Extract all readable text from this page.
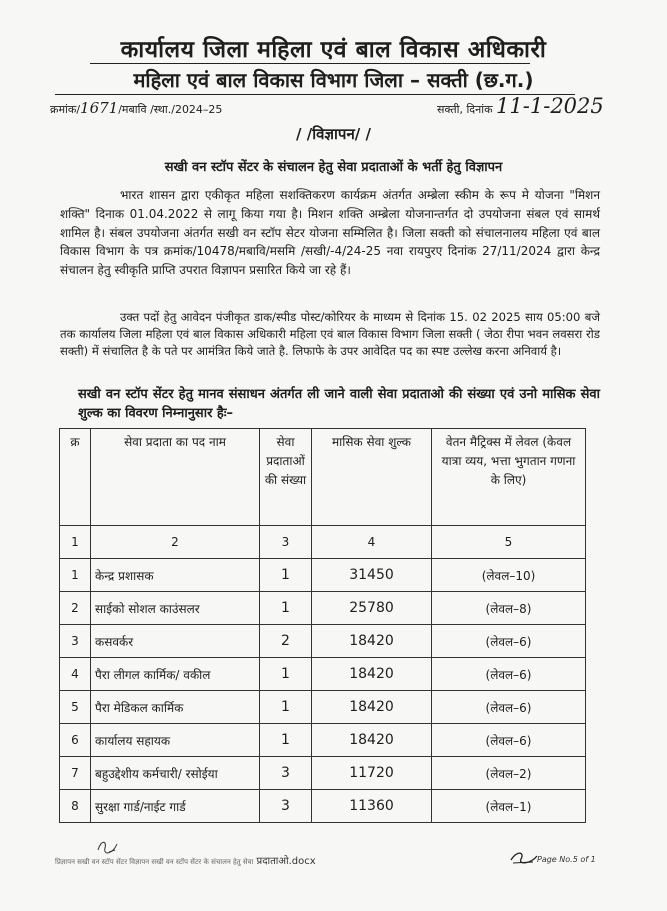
कार्यालय जिला महिला एवं बाल विकास अधिकारी
महिला एवं बाल विकास विभाग जिला – सक्ती (छ.ग.)
क्रमांक/1671/मबावि /स्था./2024–25	सक्ती, दिनांक 11-1-2025
/ /विज्ञापन/ /
सखी वन स्टॉप सेंटर के संचालन हेतु सेवा प्रदाताओं के भर्ती हेतु विज्ञापन

भारत शासन द्वारा एकीकृत महिला सशक्तिकरण कार्यक्रम अंतर्गत अम्ब्रेला स्कीम के रूप मे योजना "मिशन शक्ति" दिनाक 01.04.2022 से लागू किया गया है। मिशन शक्ति अम्ब्रेला योजनान्तर्गत दो उपयोजना संबल एवं सामर्थ शामिल है। संबल उपयोजना अंतर्गत सखी वन स्टॉप सेटर योजना सम्मिलित है। जिला सक्ती को संचालनालय महिला एवं बाल विकास विभाग के पत्र क्रमांक/10478/मबावि/मसमि /सखी/-4/24-25 नवा रायपुरए दिनांक 27/11/2024 द्वारा केन्द्र संचालन हेतु स्वीकृति प्राप्ति उपरात विज्ञापन प्रसारित किये जा रहे हैं।

उक्त पदों हेतु आवेदन पंजीकृत डाक/स्पीड पोस्ट/कोरियर के माध्यम से दिनांक 15. 02 2025 साय 05:00 बजे तक कार्यालय जिला महिला एवं बाल विकास अधिकारी महिला एवं बाल विकास विभाग जिला सक्ती ( जेठा रीपा भवन लवसरा रोड सक्ती) में संचालित है के पते पर आमंत्रित किये जाते है. लिफाफे के उपर आवेदित पद का स्पष्ट उल्लेख करना अनिवार्य है।

सखी वन स्टॉप सेंटर हेतु मानव संसाधन अंतर्गत ली जाने वाली सेवा प्रदाताओ की संख्या एवं उनो मासिक सेवा शुल्क का विवरण निम्नानुसार हैः–
क्र	सेवा प्रदाता का पद नाम	सेवा प्रदाताओं की संख्या	मासिक सेवा शुल्क	वेतन मैट्रिक्स में लेवल (केवल यात्रा व्यय, भत्ता भुगतान गणना के लिए)
1	2	3	4	5
1	केन्द्र प्रशासक	1	31450	(लेवल–10)
2	साईको सोशल काउंसलर	1	25780	(लेवल–8)
3	कसवर्कर	2	18420	(लेवल–6)
4	पैरा लीगल कार्मिक/ वकील	1	18420	(लेवल–6)
5	पैरा मेडिकल कार्मिक	1	18420	(लेवल–6)
6	कार्यालय सहायक	1	18420	(लेवल–6)
7	बहुउद्देशीय कर्मचारी/ रसोईया	3	11720	(लेवल–2)
8	सुरक्षा गार्ड/नाईट गार्ड	3	11360	(लेवल–1)
प्रिज्ञापन सखी वन स्टॉप सेंटर विज्ञापन सखी वन स्टॉप सेंटर के संचालन हेतु सेवा प्रदाताओ.docx	Page No.5 of 1
